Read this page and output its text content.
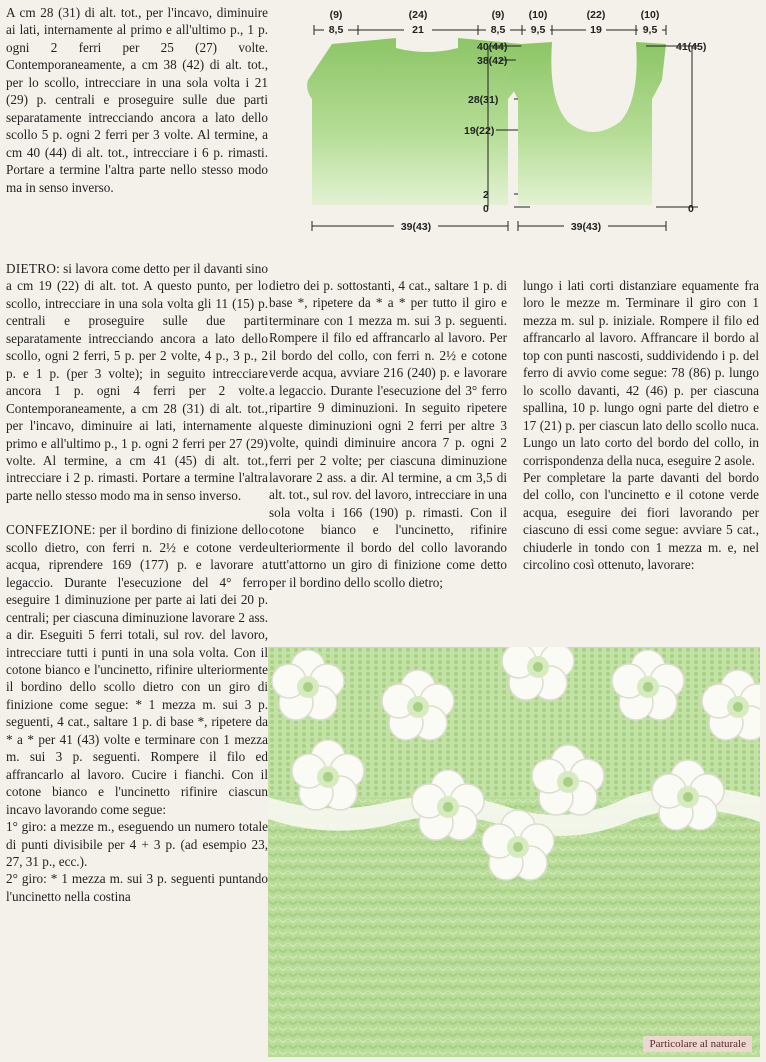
A cm 28 (31) di alt. tot., per l'incavo, diminuire ai lati, internamente al primo e all'ultimo p., 1 p. ogni 2 ferri per 25 (27) volte. Contemporaneamente, a cm 38 (42) di alt. tot., per lo scollo, intrecciare in una sola volta i 21 (29) p. centrali e proseguire sulle due parti separatamente intrecciando ancora a lato dello scollo 5 p. ogni 2 ferri per 3 volte. Al termine, a cm 40 (44) di alt. tot., intrecciare i 6 p. rimasti. Portare a termine l'altra parte nello stesso modo ma in senso inverso.

DIETRO: si lavora come detto per il davanti sino a cm 19 (22) di alt. tot. A questo punto, per lo scollo, intrecciare in una sola volta gli 11 (15) p. centrali e proseguire sulle due parti separatamente intrecciando ancora a lato dello scollo, ogni 2 ferri, 5 p. per 2 volte, 4 p., 3 p., 2 p. e 1 p. (per 3 volte); in seguito intrecciare ancora 1 p. ogni 4 ferri per 2 volte. Contemporaneamente, a cm 28 (31) di alt. tot., per l'incavo, diminuire ai lati, internamente al primo e all'ultimo p., 1 p. ogni 2 ferri per 27 (29) volte. Al termine, a cm 41 (45) di alt. tot., intrecciare i 2 p. rimasti. Portare a termine l'altra parte nello stesso modo ma in senso inverso.

CONFEZIONE: per il bordino di finizione dello scollo dietro, con ferri n. 2½ e cotone verde acqua, riprendere 169 (177) p. e lavorare a legaccio. Durante l'esecuzione del 4° ferro eseguire 1 diminuzione per parte ai lati dei 20 p. centrali; per ciascuna diminuzione lavorare 2 ass. a dir. Eseguiti 5 ferri totali, sul rov. del lavoro, intrecciare tutti i punti in una sola volta. Con il cotone bianco e l'uncinetto, rifinire ulteriormente il bordino dello scollo dietro con un giro di finizione come segue: * 1 mezza m. sui 3 p. seguenti, 4 cat., saltare 1 p. di base *, ripetere da * a * per 41 (43) volte e terminare con 1 mezza m. sui 3 p. seguenti. Rompere il filo ed affrancarlo al lavoro. Cucire i fianchi. Con il cotone bianco e l'uncinetto rifinire ciascun incavo lavorando come segue:

1° giro: a mezze m., eseguendo un numero totale di punti divisibile per 4 + 3 p. (ad esempio 23, 27, 31 p., ecc.).

2° giro: * 1 mezza m. sui 3 p. seguenti puntando l'uncinetto nella costina

dietro dei p. sottostanti, 4 cat., saltare 1 p. di base *, ripetere da * a * per tutto il giro e terminare con 1 mezza m. sui 3 p. seguenti. Rompere il filo ed affrancarlo al lavoro. Per il bordo del collo, con ferri n. 2½ e cotone verde acqua, avviare 216 (240) p. e lavorare a legaccio. Durante l'esecuzione del 3° ferro ripartire 9 diminuzioni. In seguito ripetere queste diminuzioni ogni 2 ferri per altre 3 volte, quindi diminuire ancora 7 p. ogni 2 ferri per 2 volte; per ciascuna diminuzione lavorare 2 ass. a dir. Al termine, a cm 3,5 di alt. tot., sul rov. del lavoro, intrecciare in una sola volta i 166 (190) p. rimasti. Con il cotone bianco e l'uncinetto, rifinire ulteriormente il bordo del collo lavorando tutt'attorno un giro di finizione come detto per il bordino dello scollo dietro;

lungo i lati corti distanziare equamente fra loro le mezze m. Terminare il giro con 1 mezza m. sul p. iniziale. Rompere il filo ed affrancarlo al lavoro. Affrancare il bordo al top con punti nascosti, suddividendo i p. del ferro di avvio come segue: 78 (86) p. lungo lo scollo davanti, 42 (46) p. per ciascuna spallina, 10 p. lungo ogni parte del dietro e 17 (21) p. per ciascun lato dello scollo nuca. Lungo un lato corto del bordo del collo, in corrispondenza della nuca, eseguire 2 asole.

Per completare la parte davanti del bordo del collo, con l'uncinetto e il cotone verde acqua, eseguire dei fiori lavorando per ciascuno di essi come segue: avviare 5 cat., chiuderle in tondo con 1 mezza m. e, nel circolino così ottenuto, lavorare:

(9)	(24)	(9)
8,5	21	8,5
40(44)
38(42)
28(31)
19(22)
2
0
39(43)
(10)	(22)	(10)
9,5	19	9,5
41(45)
0
39(43)
Particolare al naturale
